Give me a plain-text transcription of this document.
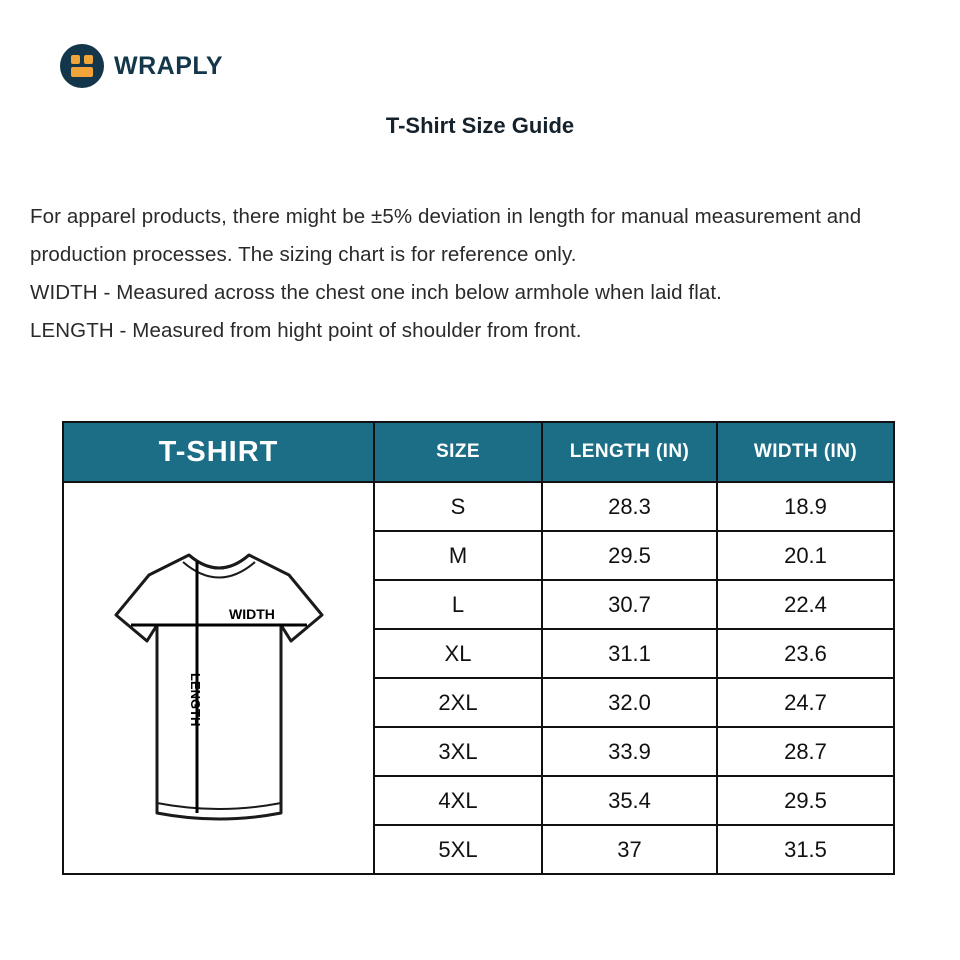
WRAPLY
T-Shirt Size Guide

For apparel products, there might be ±5% deviation in length for manual measurement and production processes. The sizing chart is for reference only.

WIDTH - Measured across the chest one inch below armhole when laid flat.

LENGTH - Measured from hight point of shoulder from front.

T-SHIRT	SIZE	LENGTH (IN)	WIDTH (IN)

WIDTH
LENGTH	S	28.3	18.9
	M	29.5	20.1
	L	30.7	22.4
	XL	31.1	23.6
	2XL	32.0	24.7
	3XL	33.9	28.7
	4XL	35.4	29.5
	5XL	37	31.5
